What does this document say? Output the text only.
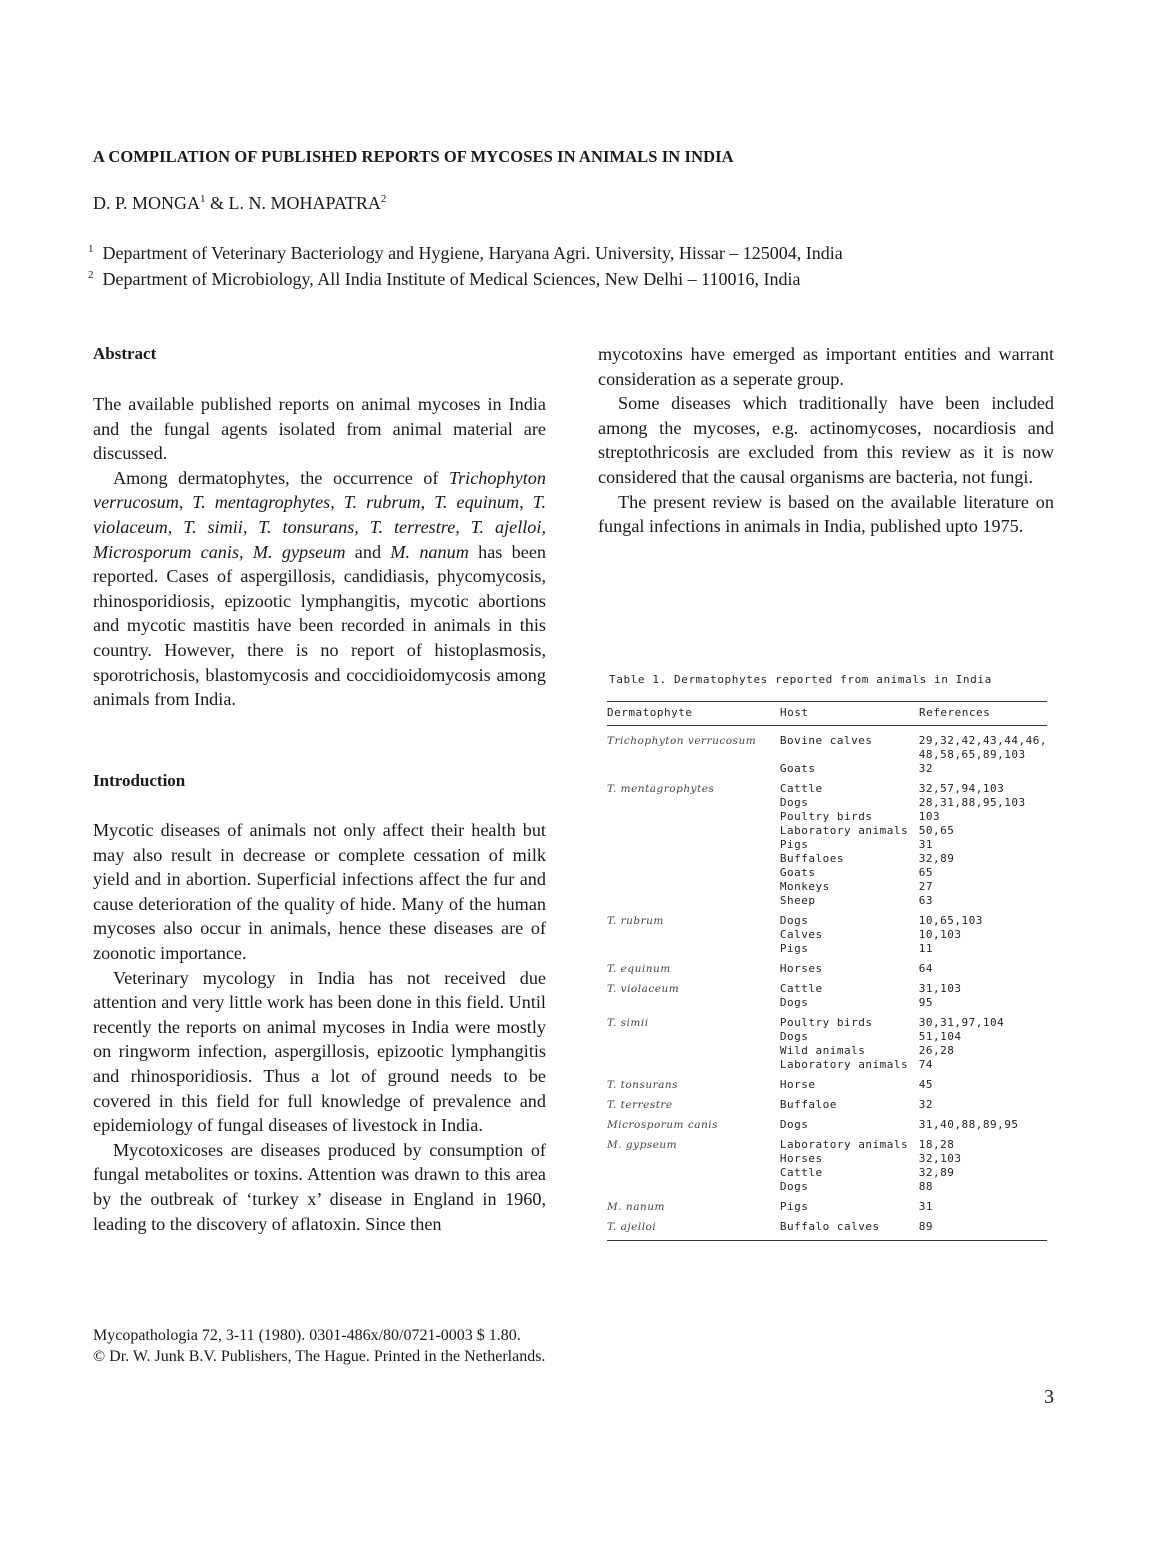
A COMPILATION OF PUBLISHED REPORTS OF MYCOSES IN ANIMALS IN INDIA
D. P. MONGA$^1$ & L. N. MOHAPATRA$^2$
$^1$ Department of Veterinary Bacteriology and Hygiene, Haryana Agri. University, Hissar – 125004, India
$^2$ Department of Microbiology, All India Institute of Medical Sciences, New Delhi – 110016, India
Abstract

The available published reports on animal mycoses in India and the fungal agents isolated from animal material are discussed.

Among dermatophytes, the occurrence of Trichophyton verrucosum, T. mentagrophytes, T. rubrum, T. equinum, T. violaceum, T. simii, T. tonsurans, T. terrestre, T. ajelloi, Microsporum canis, M. gypseum and M. nanum has been reported. Cases of aspergillosis, candidiasis, phycomycosis, rhinosporidiosis, epizootic lymphangitis, mycotic abortions and mycotic mastitis have been recorded in animals in this country. However, there is no report of histoplasmosis, sporotrichosis, blastomycosis and coccidioidomycosis among animals from India.

Introduction

Mycotic diseases of animals not only affect their health but may also result in decrease or complete cessation of milk yield and in abortion. Superficial infections affect the fur and cause deterioration of the quality of hide. Many of the human mycoses also occur in animals, hence these diseases are of zoonotic importance.

Veterinary mycology in India has not received due attention and very little work has been done in this field. Until recently the reports on animal mycoses in India were mostly on ringworm infection, aspergillosis, epizootic lymphangitis and rhinosporidiosis. Thus a lot of ground needs to be covered in this field for full knowledge of prevalence and epidemiology of fungal diseases of livestock in India.

Mycotoxicoses are diseases produced by consumption of fungal metabolites or toxins. Attention was drawn to this area by the outbreak of ‘turkey x’ disease in England in 1960, leading to the discovery of aflatoxin. Since then

mycotoxins have emerged as important entities and warrant consideration as a seperate group.

Some diseases which traditionally have been included among the mycoses, e.g. actinomycoses, nocardiosis and streptothricosis are excluded from this review as it is now considered that the causal organisms are bacteria, not fungi.

The present review is based on the available literature on fungal infections in animals in India, published upto 1975.

Table 1. Dermatophytes reported from animals in India
Dermatophyte	Host	References
Trichophyton verrucosum	Bovine calves	29,32,42,43,44,46, 48,58,65,89,103
	Goats	32
T. mentagrophytes	Cattle	32,57,94,103
	Dogs	28,31,88,95,103
	Poultry birds	103
	Laboratory animals	50,65
	Pigs	31
	Buffaloes	32,89
	Goats	65
	Monkeys	27
	Sheep	63
T. rubrum	Dogs	10,65,103
	Calves	10,103
	Pigs	11
T. equinum	Horses	64
T. violaceum	Cattle	31,103
	Dogs	95
T. simii	Poultry birds	30,31,97,104
	Dogs	51,104
	Wild animals	26,28
	Laboratory animals	74
T. tonsurans	Horse	45
T. terrestre	Buffaloe	32
Microsporum canis	Dogs	31,40,88,89,95
M. gypseum	Laboratory animals	18,28
	Horses	32,103
	Cattle	32,89
	Dogs	88
M. nanum	Pigs	31
T. ajelloi	Buffalo calves	89
Mycopathologia 72, 3-11 (1980). 0301-486x/80/0721-0003 $ 1.80.
© Dr. W. Junk B.V. Publishers, The Hague. Printed in the Netherlands.
3
